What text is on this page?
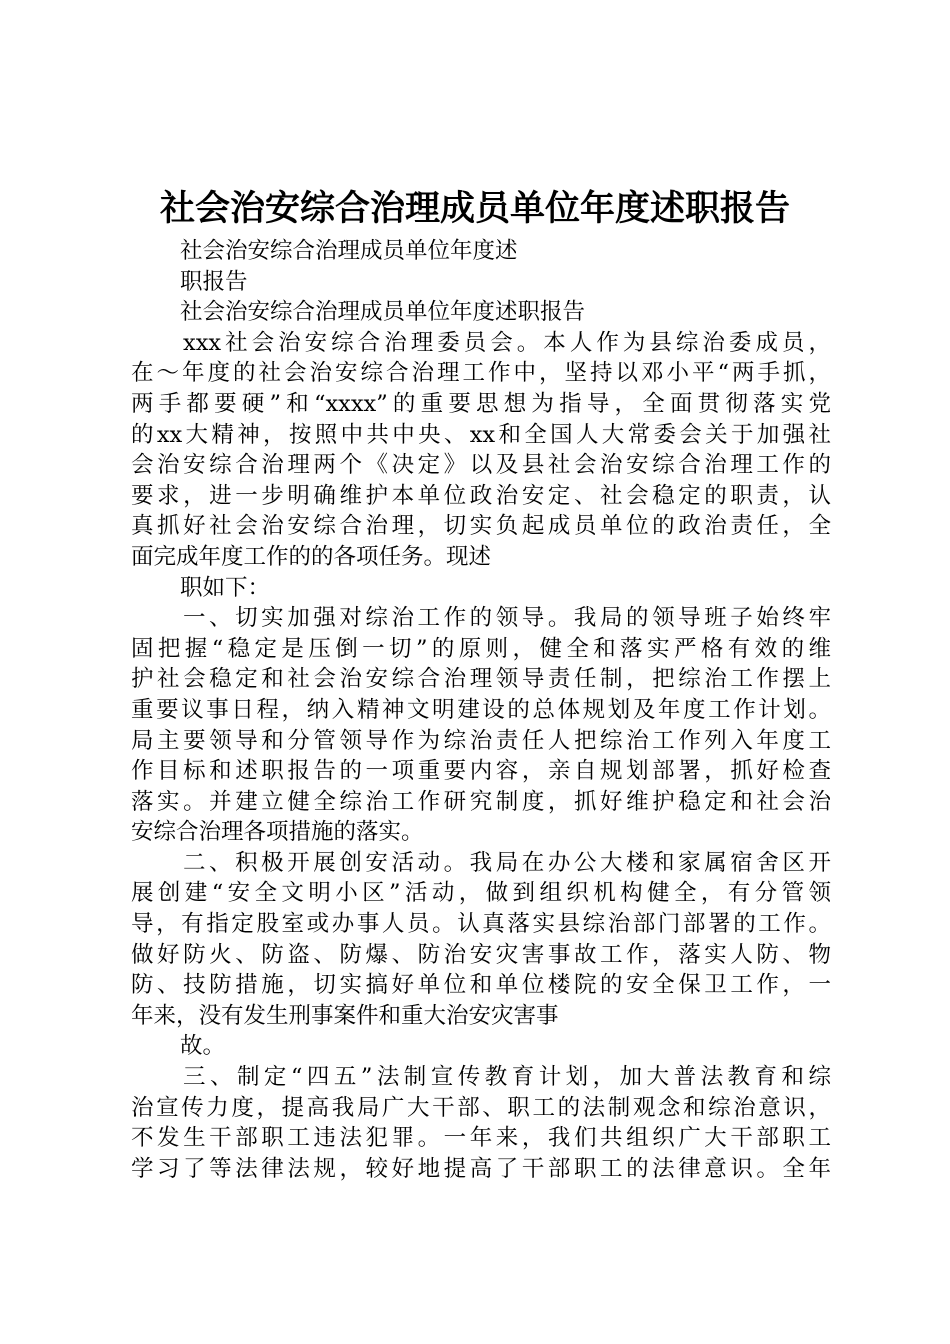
社会治安综合治理成员单位年度述职报告
社会治安综合治理成员单位年度述
职报告
社会治安综合治理成员单位年度述职报告
xxx社会治安综合治理委员会。本人作为县综治委成员，
在～年度的社会治安综合治理工作中，坚持以邓小平“两手抓，
两手都要硬”和“xxxx”的重要思想为指导，全面贯彻落实党
的xx大精神，按照中共中央、xx和全国人大常委会关于加强社
会治安综合治理两个《决定》以及县社会治安综合治理工作的
要求，进一步明确维护本单位政治安定、社会稳定的职责，认
真抓好社会治安综合治理，切实负起成员单位的政治责任，全
面完成年度工作的的各项任务。现述
职如下：
一、切实加强对综治工作的领导。我局的领导班子始终牢
固把握“稳定是压倒一切”的原则，健全和落实严格有效的维
护社会稳定和社会治安综合治理领导责任制，把综治工作摆上
重要议事日程，纳入精神文明建设的总体规划及年度工作计划。
局主要领导和分管领导作为综治责任人把综治工作列入年度工
作目标和述职报告的一项重要内容，亲自规划部署，抓好检查
落实。并建立健全综治工作研究制度，抓好维护稳定和社会治
安综合治理各项措施的落实。
二、积极开展创安活动。我局在办公大楼和家属宿舍区开
展创建“安全文明小区”活动，做到组织机构健全，有分管领
导，有指定股室或办事人员。认真落实县综治部门部署的工作。
做好防火、防盗、防爆、防治安灾害事故工作，落实人防、物
防、技防措施，切实搞好单位和单位楼院的安全保卫工作，一
年来，没有发生刑事案件和重大治安灾害事
故。
三、制定“四五”法制宣传教育计划，加大普法教育和综
治宣传力度，提高我局广大干部、职工的法制观念和综治意识，
不发生干部职工违法犯罪。一年来，我们共组织广大干部职工
学习了等法律法规，较好地提高了干部职工的法律意识。全年
